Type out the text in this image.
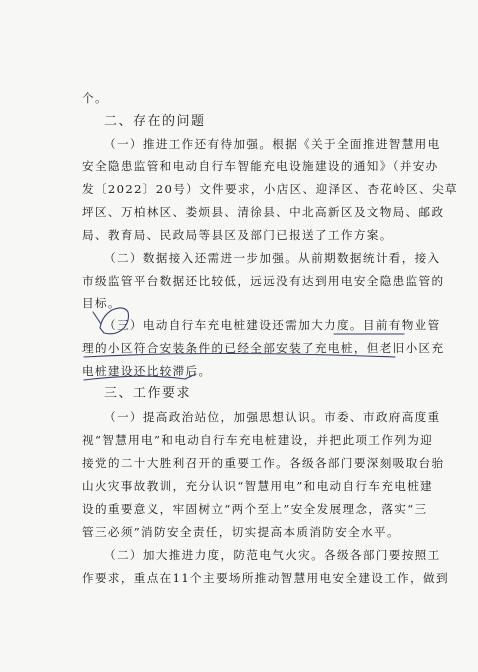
个。
二、存在的问题
（一）推进工作还有待加强。根据《关于全面推进智慧用电
安全隐患监管和电动自行车智能充电设施建设的通知》（并安办
发〔2022〕20号）文件要求，小店区、迎泽区、杏花岭区、尖草
坪区、万柏林区、娄烦县、清徐县、中北高新区及文物局、邮政
局、教育局、民政局等县区及部门已报送了工作方案。
（二）数据接入还需进一步加强。从前期数据统计看，接入
市级监管平台数据还比较低，远远没有达到用电安全隐患监管的
目标。
（三）电动自行车充电桩建设还需加大力度。目前有物业管
理的小区符合安装条件的已经全部安装了充电桩，但老旧小区充
电桩建设还比较滞后。
三、工作要求
（一）提高政治站位，加强思想认识。市委、市政府高度重
视“智慧用电”和电动自行车充电桩建设，并把此项工作列为迎
接党的二十大胜利召开的重要工作。各级各部门要深刻吸取台骀
山火灾事故教训，充分认识“智慧用电”和电动自行车充电桩建
设的重要意义，牢固树立“两个至上”安全发展理念，落实“三
管三必须”消防安全责任，切实提高本质消防安全水平。
（二）加大推进力度，防范电气火灾。各级各部门要按照工
作要求，重点在11个主要场所推动智慧用电安全建设工作，做到
